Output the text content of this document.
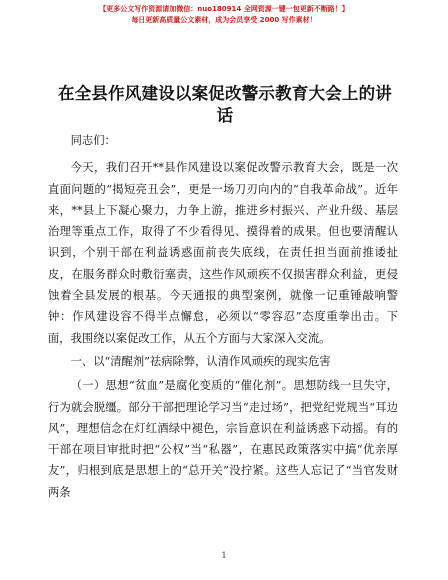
【更多公文写作资源请加微信：nuo180914 全网资源一键一包更新不断路！】
每日更新高质量公文素材，成为会员享受 2000 写作素材！
在全县作风建设以案促改警示教育大会上的讲话

同志们：

今天，我们召开**县作风建设以案促改警示教育大会，既是一次直面问题的“揭短亮丑会”，更是一场刀刃向内的“自我革命战”。近年来，**县上下凝心聚力，力争上游，推进乡村振兴、产业升级、基层治理等重点工作，取得了不少看得见、摸得着的成果。但也要清醒认识到，个别干部在利益诱惑面前丧失底线，在责任担当面前推诿扯皮，在服务群众时敷衍塞责，这些作风顽疾不仅损害群众利益，更侵蚀着全县发展的根基。今天通报的典型案例，就像一记重锤敲响警钟：作风建设容不得半点懈怠，必须以“零容忍”态度重拳出击。下面，我围绕以案促改工作，从五个方面与大家深入交流。

一、以“清醒剂”祛病除弊，认清作风顽疾的现实危害

（一）思想“贫血”是腐化变质的“催化剂”。思想防线一旦失守，行为就会脱缰。部分干部把理论学习当“走过场”，把党纪党规当“耳边风”，理想信念在灯红酒绿中褪色，宗旨意识在利益诱惑下动摇。有的干部在项目审批时把“公权”当“私器”，在惠民政策落实中搞“优亲厚友”，归根到底是思想上的“总开关”没拧紧。这些人忘记了“当官发财两条

1
